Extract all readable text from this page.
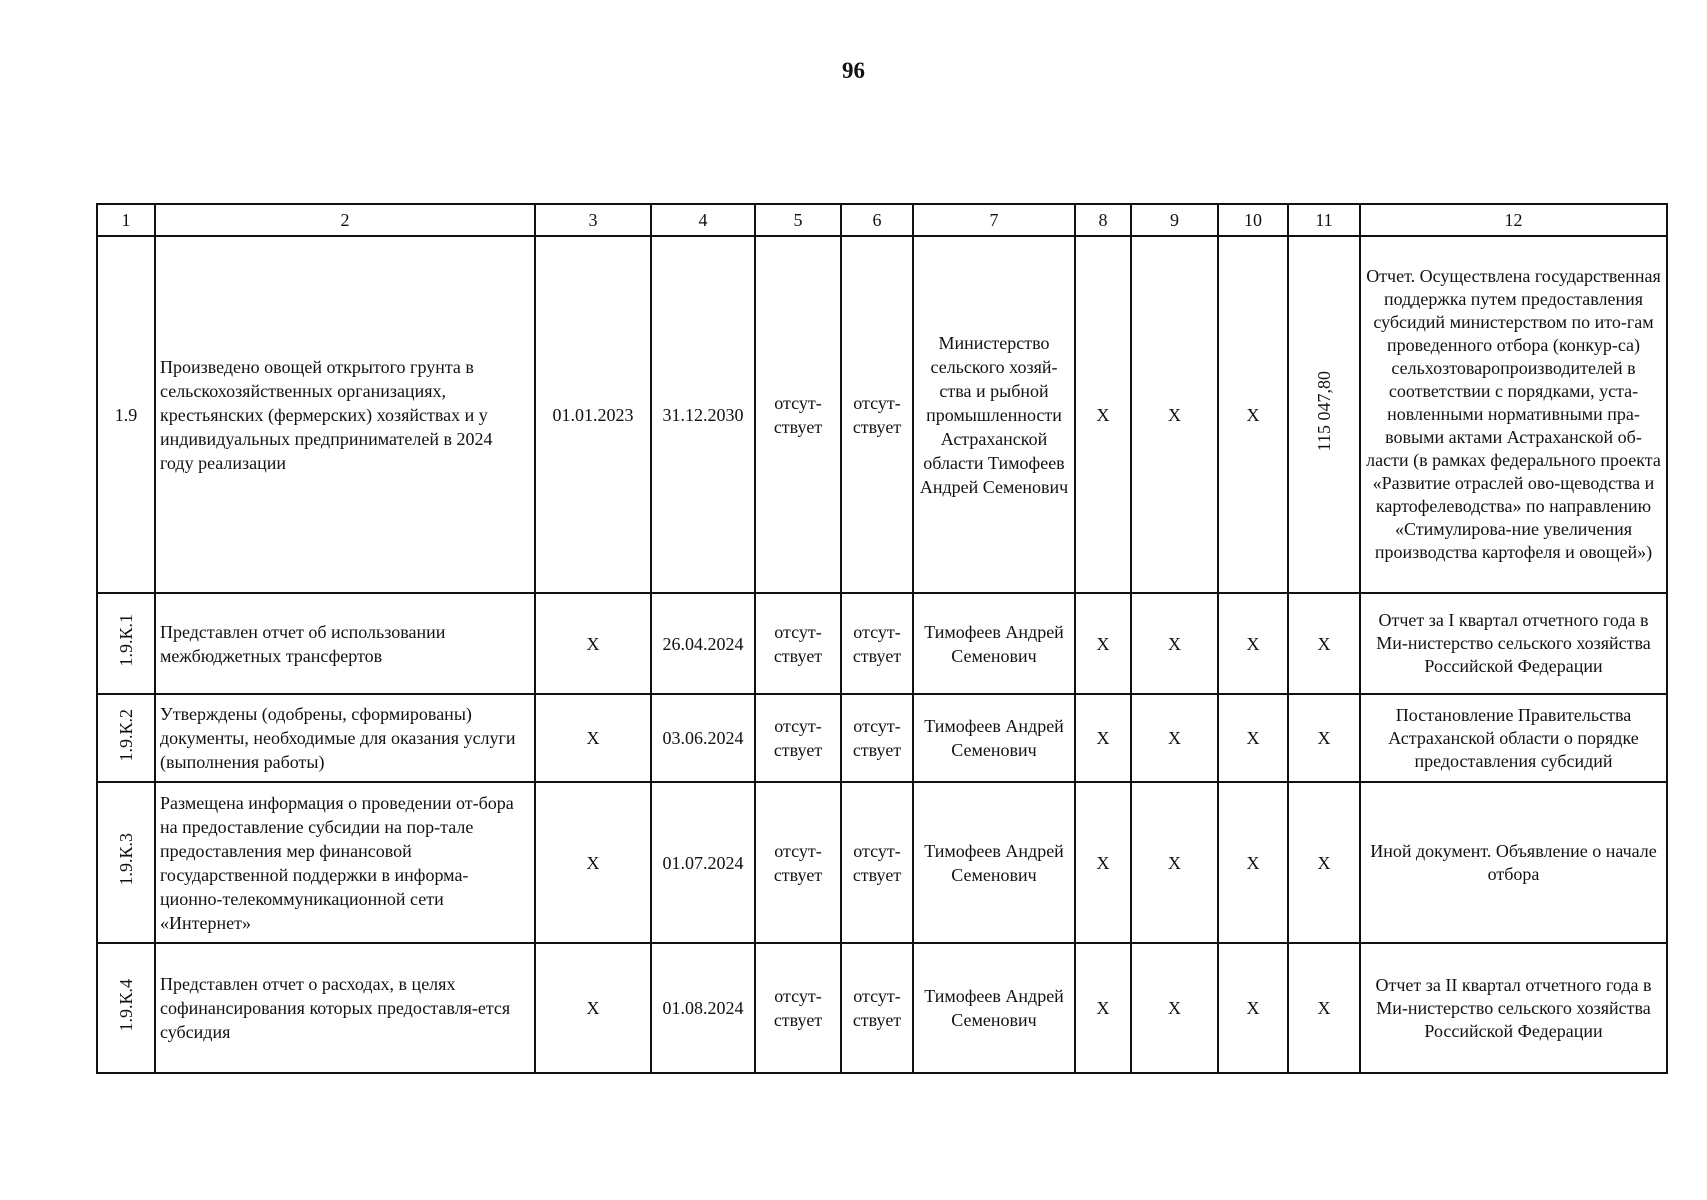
96
1	2	3	4	5	6	7	8	9	10	11	12
1.9	Произведено овощей открытого грунта в сельскохозяйственных организациях, крестьянских (фермерских) хозяйствах и у индивидуальных предпринимателей в 2024 году реализации	01.01.2023	31.12.2030	отсут-ствует	отсут-ствует	Министерство сельского хозяй-ства и рыбной промышленности Астраханской области Тимофеев Андрей Семенович	X	X	X	115 047,80	Отчет. Осуществлена государственная поддержка путем предоставления субсидий министерством по ито-гам проведенного отбора (конкур-са) сельхозтоваропроизводителей в соответствии с порядками, уста-новленными нормативными пра-вовыми актами Астраханской об-ласти (в рамках федерального проекта «Развитие отраслей ово-щеводства и картофелеводства» по направлению «Стимулирова-ние увеличения производства картофеля и овощей»)
1.9.К.1	Представлен отчет об использовании межбюджетных трансфертов	X	26.04.2024	отсут-ствует	отсут-ствует	Тимофеев Андрей Семенович	X	X	X	X	Отчет за I квартал отчетного года в Ми-нистерство сельского хозяйства Российской Федерации
1.9.К.2	Утверждены (одобрены, сформированы) документы, необходимые для оказания услуги (выполнения работы)	X	03.06.2024	отсут-ствует	отсут-ствует	Тимофеев Андрей Семенович	X	X	X	X	Постановление Правительства Астраханской области о порядке предоставления субсидий
1.9.К.3	Размещена информация о проведении от-бора на предоставление субсидии на пор-тале предоставления мер финансовой государственной поддержки в информа-ционно-телекоммуникационной сети «Интернет»	X	01.07.2024	отсут-ствует	отсут-ствует	Тимофеев Андрей Семенович	X	X	X	X	Иной документ. Объявление о начале отбора
1.9.К.4	Представлен отчет о расходах, в целях софинансирования которых предоставля-ется субсидия	X	01.08.2024	отсут-ствует	отсут-ствует	Тимофеев Андрей Семенович	X	X	X	X	Отчет за II квартал отчетного года в Ми-нистерство сельского хозяйства Российской Федерации
